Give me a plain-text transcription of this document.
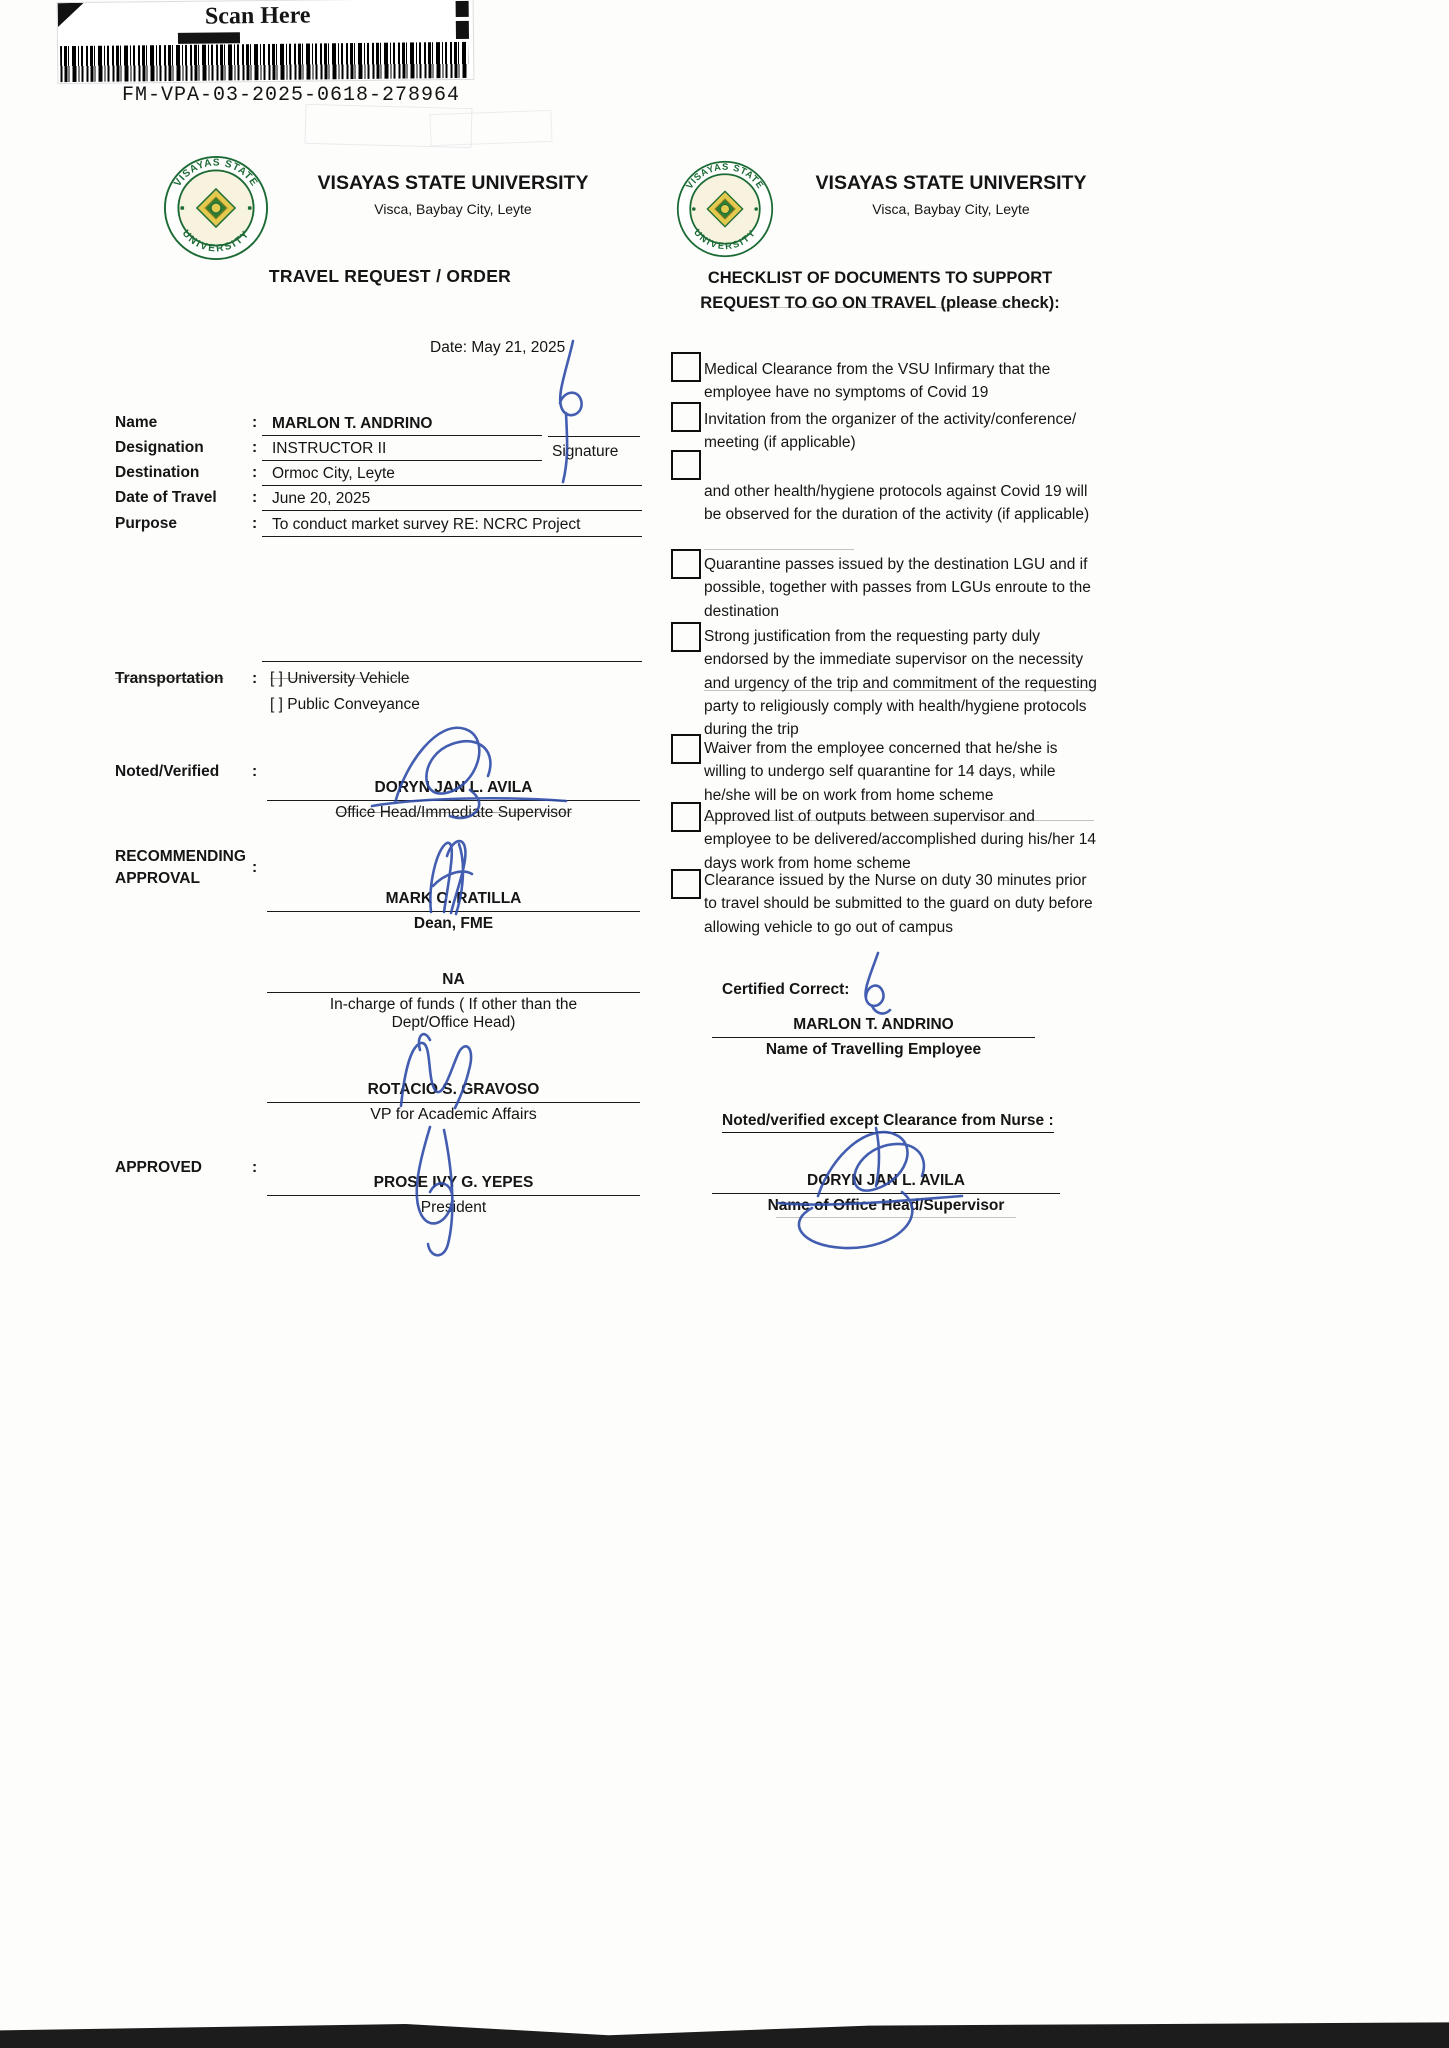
Scan Here
FM-VPA-03-2025-0618-278964
VISAYAS STATE UNIVERSITY
Visca, Baybay City, Leyte
TRAVEL REQUEST / ORDER
VISAYAS STATE UNIVERSITY
Visca, Baybay City, Leyte
CHECKLIST OF DOCUMENTS TO SUPPORT REQUEST TO GO ON TRAVEL (please check):
Date: May 21, 2025
Name	: MARLON T. ANDRINO
Designation	: INSTRUCTOR II
Destination	: Ormoc City, Leyte
Date of Travel : June 20, 2025
Purpose	: To conduct market survey RE: NCRC Project
Signature
Transportation : [ ] University Vehicle
[ ] Public Conveyance
Noted/Verified :
DORYN JAN L. AVILA
Office Head/Immediate Supervisor
RECOMMENDING APPROVAL
:
MARK C. RATILLA
Dean, FME
NA
In-charge of funds ( If other than the Dept/Office Head)
ROTACIO S. GRAVOSO
VP for Academic Affairs
APPROVED	:
PROSE IVY G. YEPES
President
Medical Clearance from the VSU Infirmary that the employee have no symptoms of Covid 19
Invitation from the organizer of the activity/conference/ meeting (if applicable)
and other health/hygiene protocols against Covid 19 will be observed for the duration of the activity (if applicable)
Quarantine passes issued by the destination LGU and if possible, together with passes from LGUs enroute to the destination
Strong justification from the requesting party duly endorsed by the immediate supervisor on the necessity and urgency of the trip and commitment of the requesting party to religiously comply with health/hygiene protocols during the trip
Waiver from the employee concerned that he/she is willing to undergo self quarantine for 14 days, while he/she will be on work from home scheme
Approved list of outputs between supervisor and employee to be delivered/accomplished during his/her 14 days work from home scheme
Clearance issued by the Nurse on duty 30 minutes prior to travel should be submitted to the guard on duty before allowing vehicle to go out of campus
Certified Correct:
MARLON T. ANDRINO
Name of Travelling Employee
Noted/verified except Clearance from Nurse :
DORYN JAN L. AVILA
Name of Office Head/Supervisor
